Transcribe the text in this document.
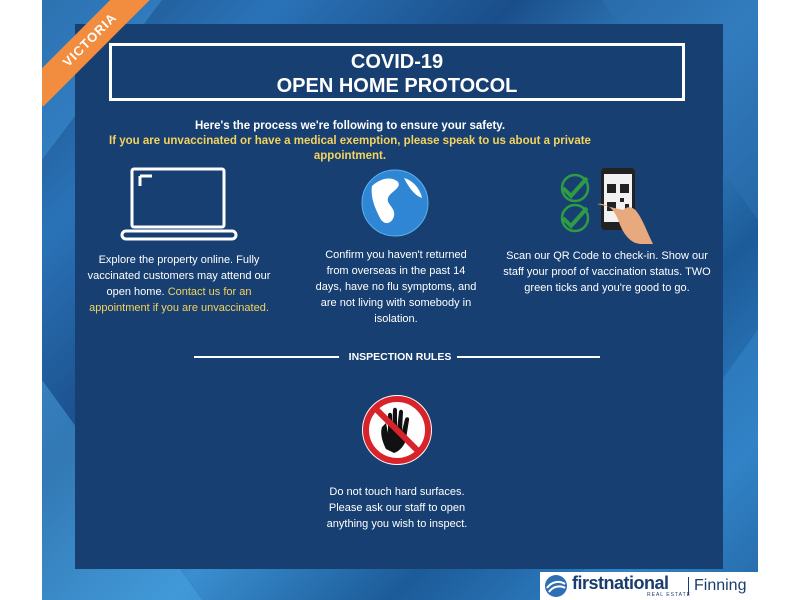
VICTORIA	COVID-19
OPEN HOME PROTOCOL
Here's the process we're following to ensure your safety.
If you are unvaccinated or have a medical exemption, please speak to us about a private appointment.
Explore the property online. Fully vaccinated customers may attend our open home. Contact us for an appointment if you are unvaccinated.
Confirm you haven't returned from overseas in the past 14 days, have no flu symptoms, and are not living with somebody in isolation.
Scan our QR Code to check-in. Show our staff your proof of vaccination status. TWO green ticks and you're good to go.
INSPECTION RULES
Do not touch hard surfaces. Please ask our staff to open anything you wish to inspect.
firstnational
REAL ESTATE
Finning
